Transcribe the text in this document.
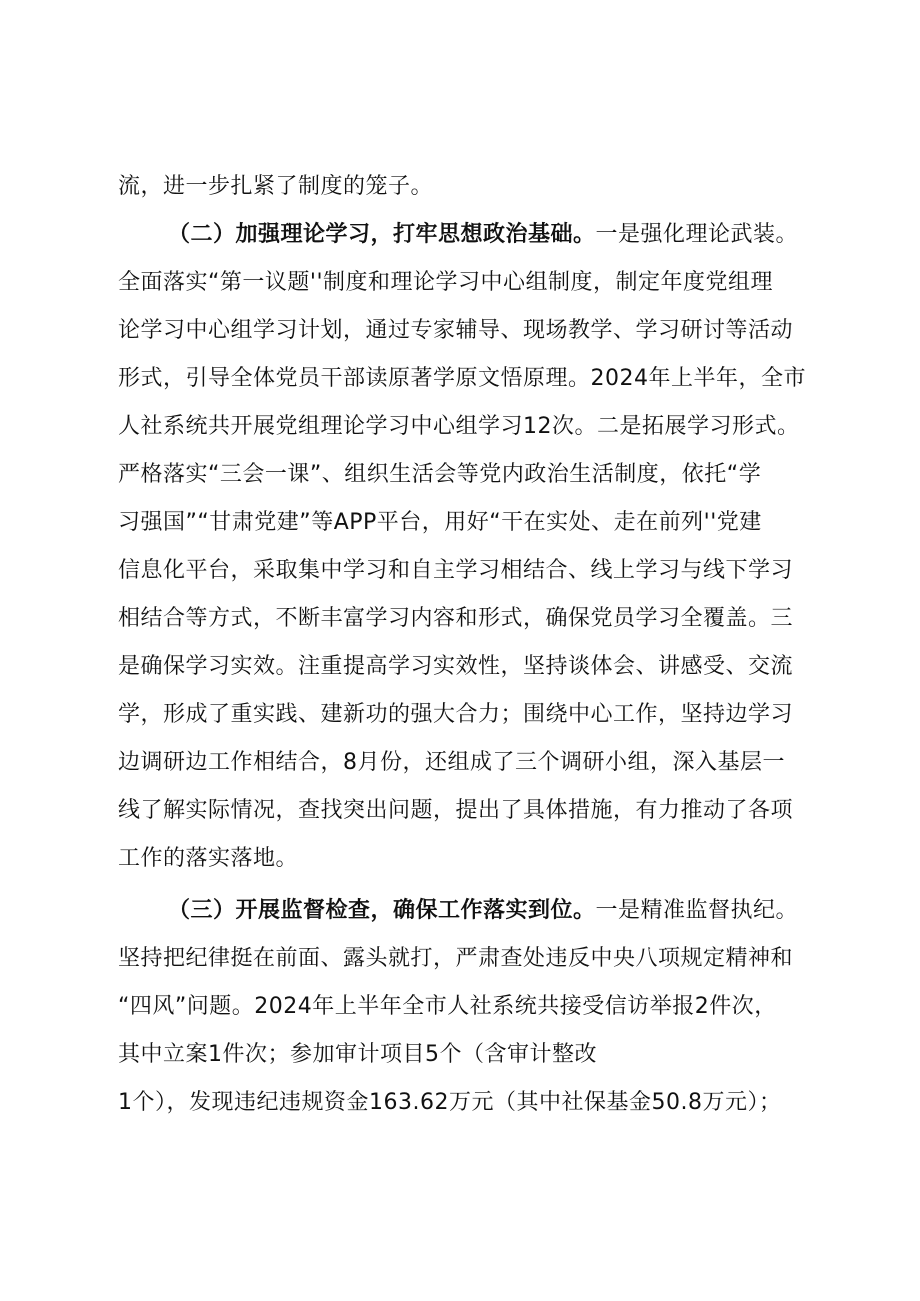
流，进一步扎紧了制度的笼子。
（二）加强理论学习，打牢思想政治基础。一是强化理论武装。
全面落实“第一议题''制度和理论学习中心组制度，制定年度党组理
论学习中心组学习计划，通过专家辅导、现场教学、学习研讨等活动
形式，引导全体党员干部读原著学原文悟原理。2024年上半年，全市
人社系统共开展党组理论学习中心组学习12次。二是拓展学习形式。
严格落实“三会一课”、组织生活会等党内政治生活制度，依托“学
习强国”“甘肃党建”等APP平台，用好“干在实处、走在前列''党建
信息化平台，采取集中学习和自主学习相结合、线上学习与线下学习
相结合等方式，不断丰富学习内容和形式，确保党员学习全覆盖。三
是确保学习实效。注重提高学习实效性，坚持谈体会、讲感受、交流
学，形成了重实践、建新功的强大合力；围绕中心工作，坚持边学习
边调研边工作相结合，8月份，还组成了三个调研小组，深入基层一
线了解实际情况，查找突出问题，提出了具体措施，有力推动了各项
工作的落实落地。
（三）开展监督检查，确保工作落实到位。一是精准监督执纪。
坚持把纪律挺在前面、露头就打，严肃查处违反中央八项规定精神和
“四风”问题。2024年上半年全市人社系统共接受信访举报2件次，
其中立案1件次；参加审计项目5个（含审计整改
1个），发现违纪违规资金163.62万元（其中社保基金50.8万元）；
